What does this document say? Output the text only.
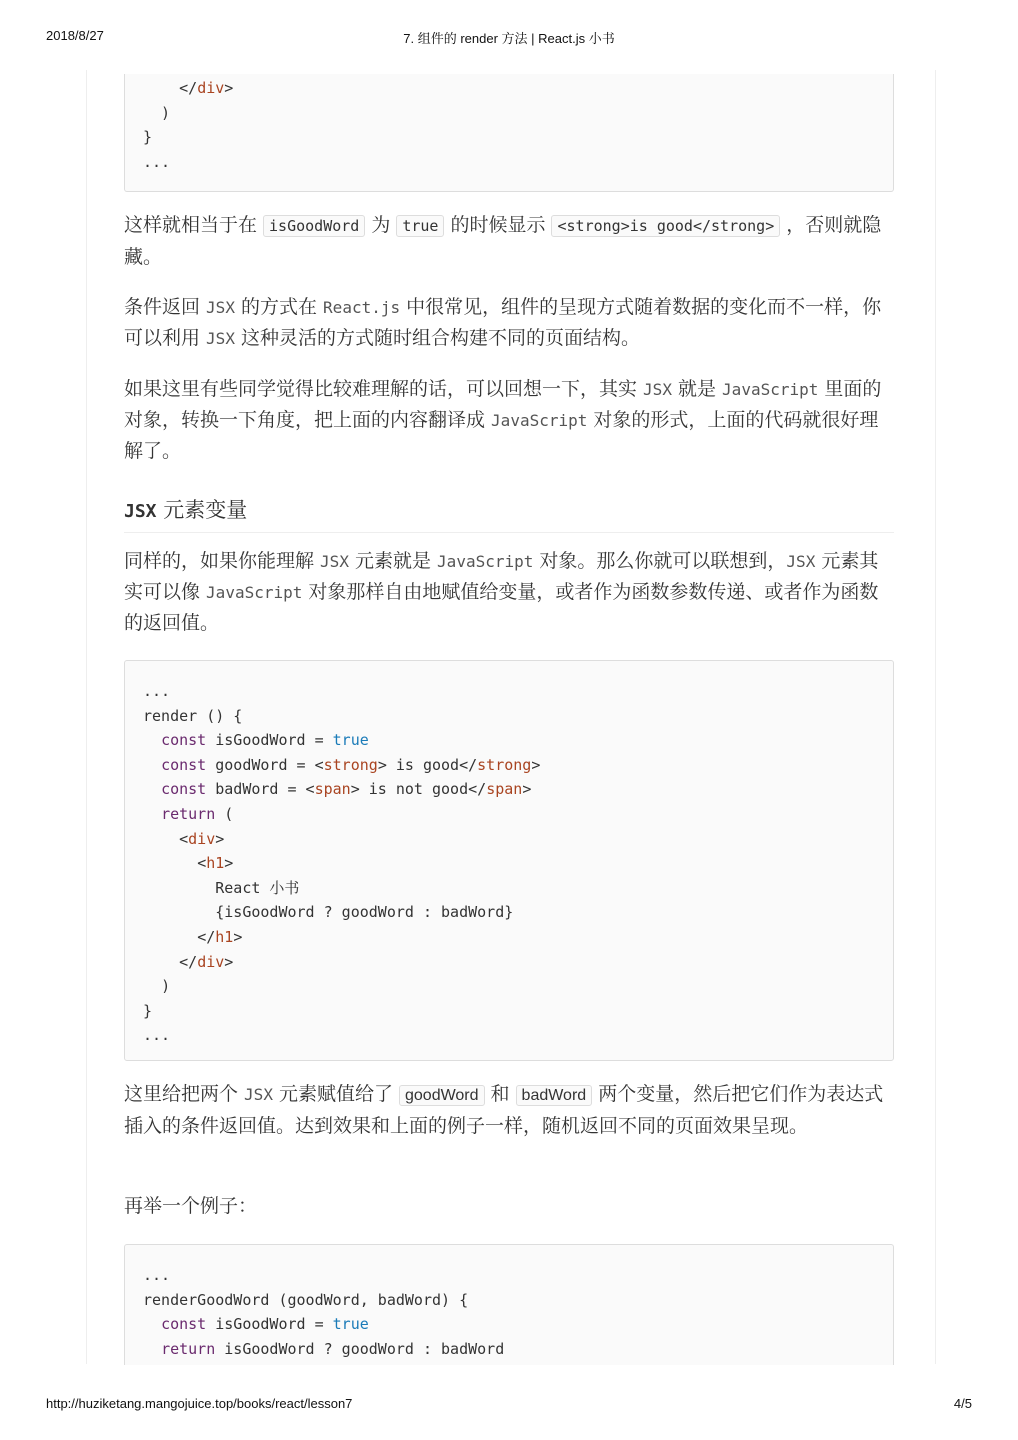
2018/8/27	7. 组件的 render 方法 | React.js 小书
</div>
)
}
...

这样就相当于在 isGoodWord 为 true 的时候显示 <strong>is good</strong> ，否则就隐藏。

条件返回 JSX 的方式在 React.js 中很常见，组件的呈现方式随着数据的变化而不一样，你可以利用 JSX 这种灵活的方式随时组合构建不同的页面结构。

如果这里有些同学觉得比较难理解的话，可以回想一下，其实 JSX 就是 JavaScript 里面的对象，转换一下角度，把上面的内容翻译成 JavaScript 对象的形式，上面的代码就很好理解了。

JSX 元素变量

同样的，如果你能理解 JSX 元素就是 JavaScript 对象。那么你就可以联想到，JSX 元素其实可以像 JavaScript 对象那样自由地赋值给变量，或者作为函数参数传递、或者作为函数的返回值。

...
render () {
const isGoodWord = true
const goodWord = <strong> is good</strong>
const badWord = <span> is not good</span>
return (
<div>
<h1>
React 小书
{isGoodWord ? goodWord : badWord}
</h1>
</div>
)
}
...

这里给把两个 JSX 元素赋值给了 goodWord 和 badWord 两个变量，然后把它们作为表达式插入的条件返回值。达到效果和上面的例子一样，随机返回不同的页面效果呈现。

再举一个例子：

...
renderGoodWord (goodWord, badWord) {
const isGoodWord = true
return isGoodWord ? goodWord : badWord
http://huziketang.mangojuice.top/books/react/lesson7	4/5
